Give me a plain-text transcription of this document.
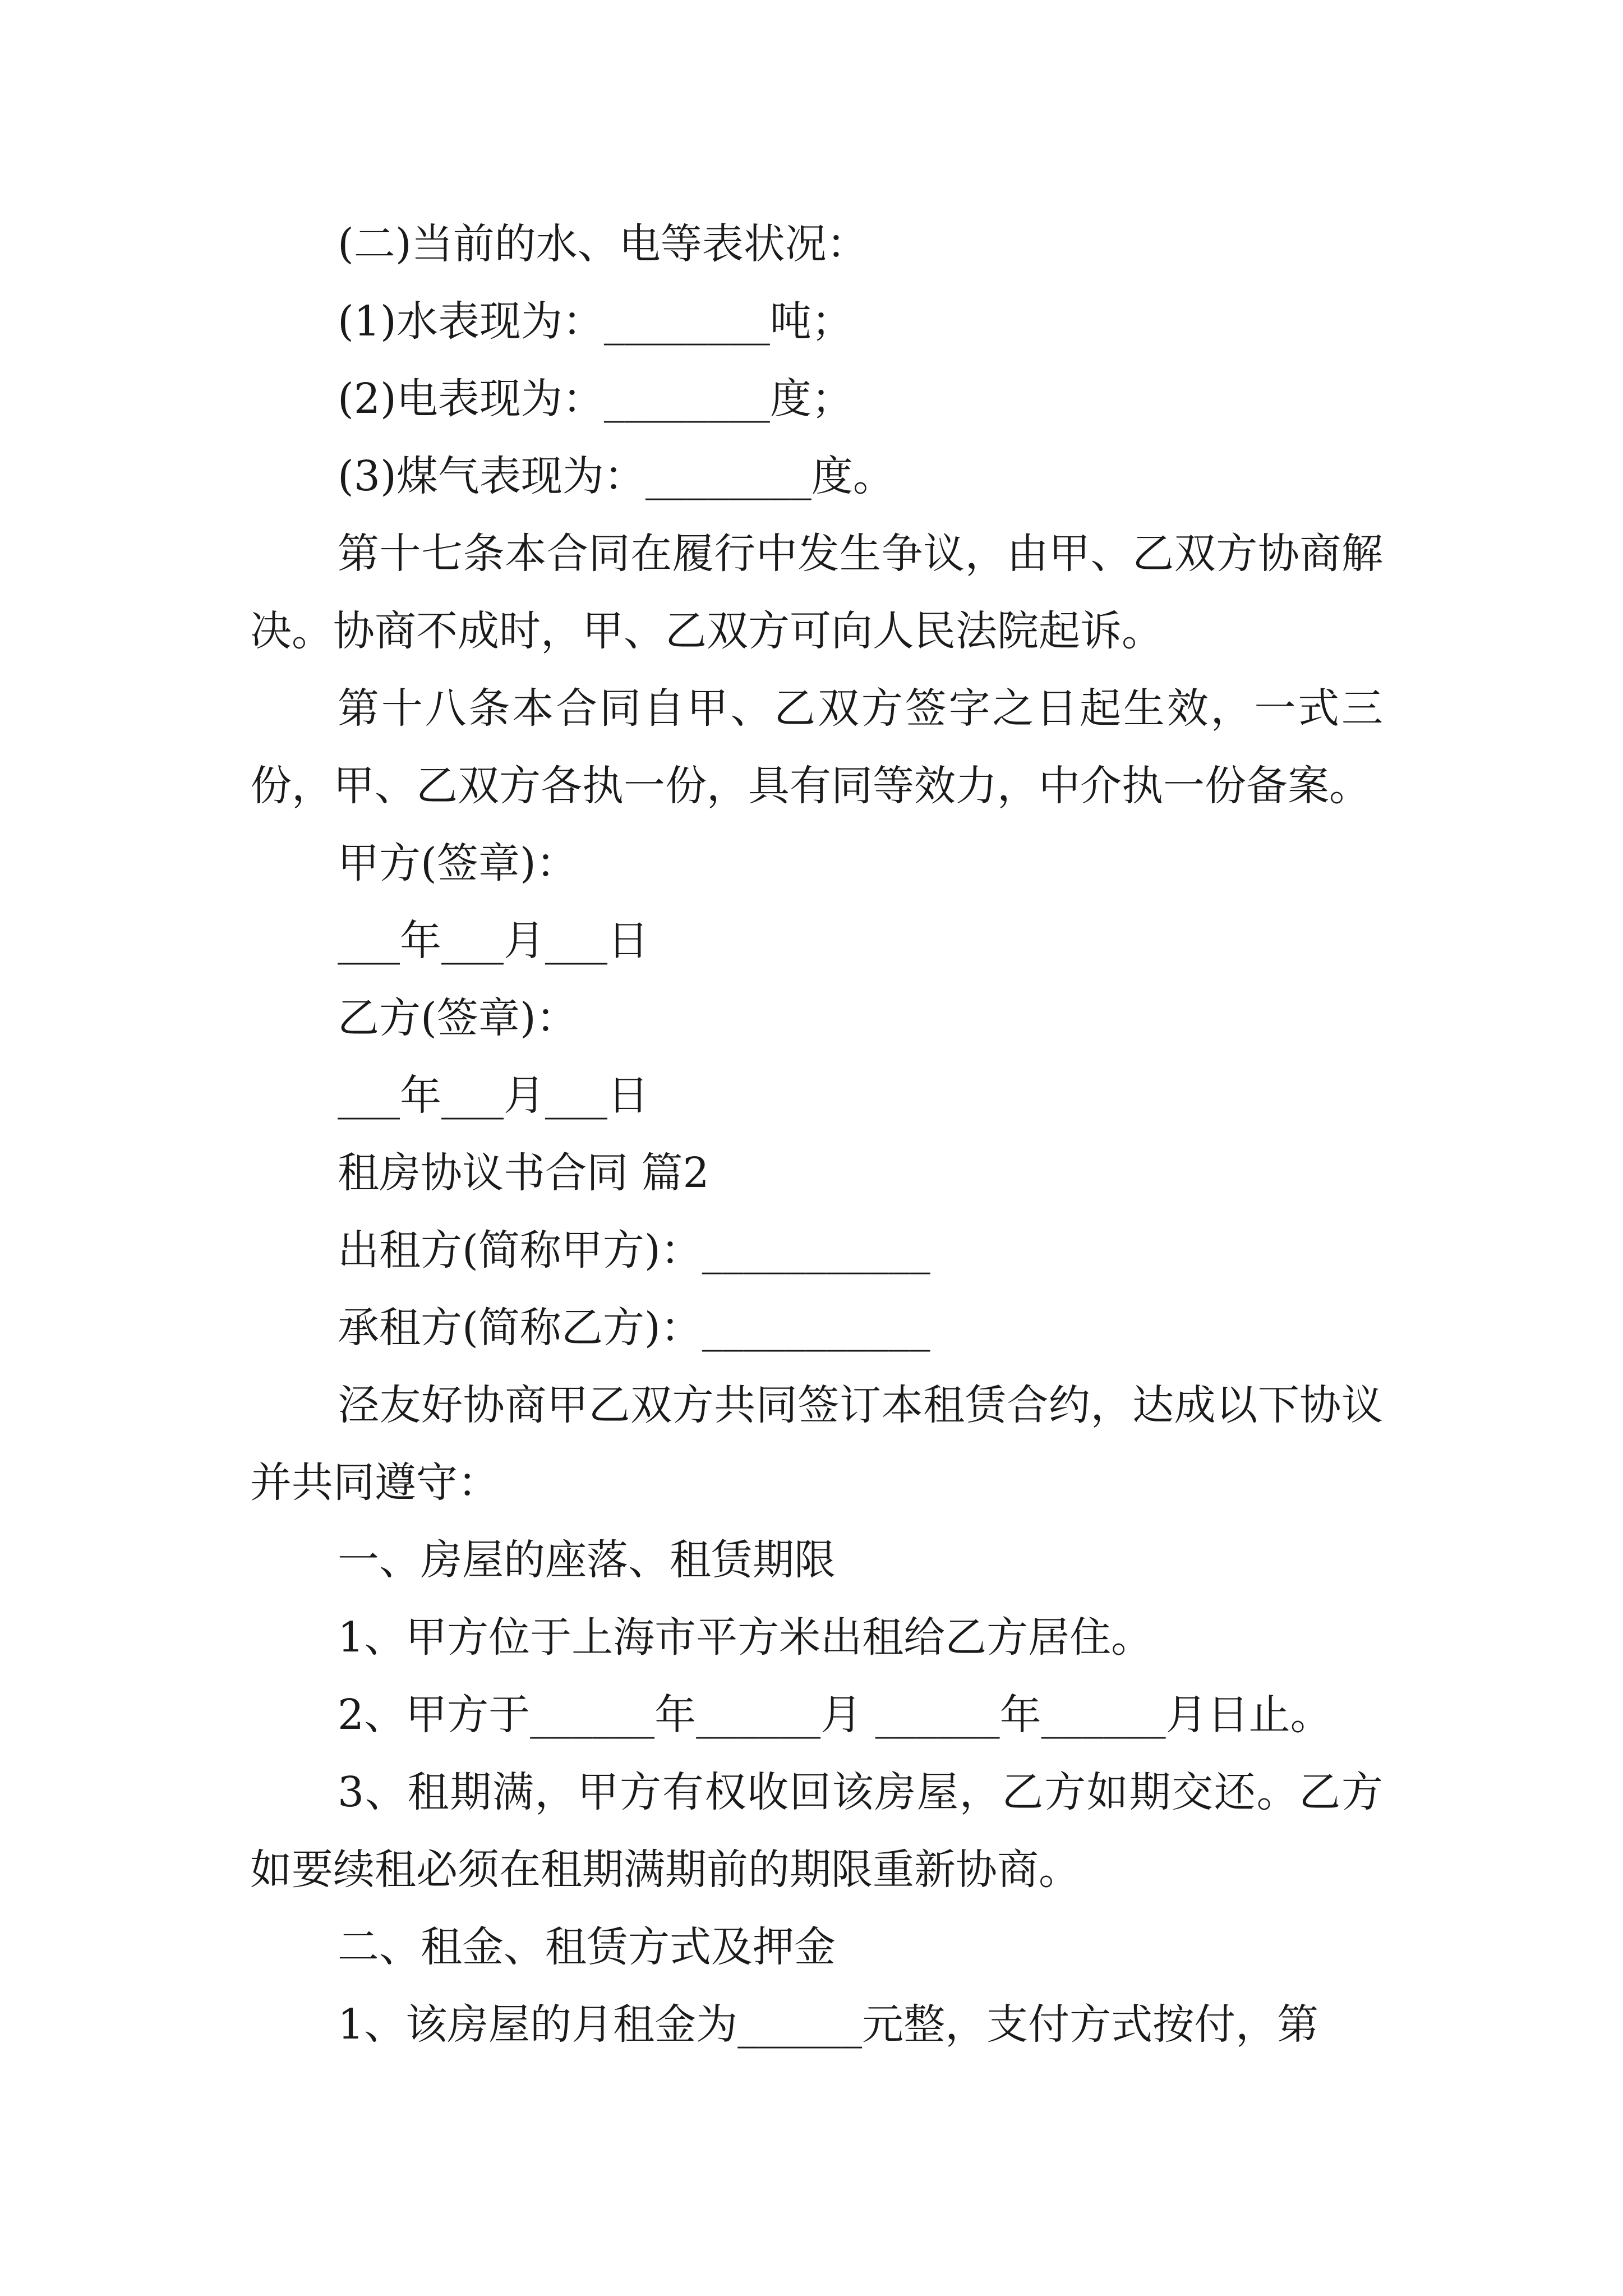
(二)当前的水、电等表状况：

(1)水表现为：________吨；

(2)电表现为：________度；

(3)煤气表现为：________度。

第十七条本合同在履行中发生争议，由甲、乙双方协商解决。协商不成时，甲、乙双方可向人民法院起诉。

第十八条本合同自甲、乙双方签字之日起生效，一式三份，甲、乙双方各执一份，具有同等效力，中介执一份备案。

甲方(签章)：

___年___月___日

乙方(签章)：

___年___月___日

租房协议书合同 篇2

出租方(简称甲方)：___________

承租方(简称乙方)：___________

泾友好协商甲乙双方共同签订本租赁合约，达成以下协议并共同遵守：

一、房屋的座落、租赁期限

1、甲方位于上海市平方米出租给乙方居住。

2、甲方于______年______月 ______年______月日止。

3、租期满，甲方有权收回该房屋，乙方如期交还。乙方如要续租必须在租期满期前的期限重新协商。

二、租金、租赁方式及押金

1、该房屋的月租金为______元整，支付方式按付，第
